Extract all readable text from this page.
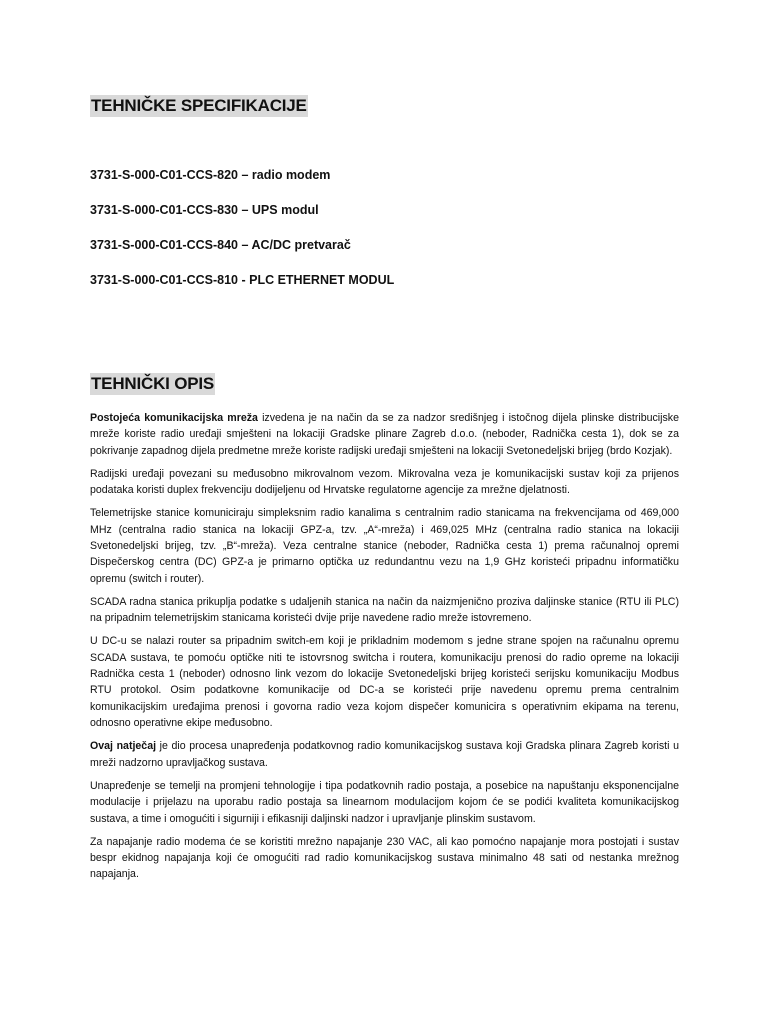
TEHNIČKE SPECIFIKACIJE
3731-S-000-C01-CCS-820 – radio modem
3731-S-000-C01-CCS-830 – UPS modul
3731-S-000-C01-CCS-840 – AC/DC pretvarač
3731-S-000-C01-CCS-810 - PLC ETHERNET MODUL
TEHNIČKI OPIS

Postojeća komunikacijska mreža izvedena je na način da se za nadzor središnjeg i istočnog dijela plinske distribucijske mreže koriste radio uređaji smješteni na lokaciji Gradske plinare Zagreb d.o.o. (neboder, Radnička cesta 1), dok se za pokrivanje zapadnog dijela predmetne mreže koriste radijski uređaji smješteni na lokaciji Svetonedeljski brijeg (brdo Kozjak).

Radijski uređaji povezani su međusobno mikrovalnom vezom. Mikrovalna veza je komunikacijski sustav koji za prijenos podataka koristi duplex frekvenciju dodijeljenu od Hrvatske regulatorne agencije za mrežne djelatnosti.

Telemetrijske stanice komuniciraju simpleksnim radio kanalima s centralnim radio stanicama na frekvencijama od 469,000 MHz (centralna radio stanica na lokaciji GPZ-a, tzv. „A“-mreža) i 469,025 MHz (centralna radio stanica na lokaciji Svetonedeljski brijeg, tzv. „B“-mreža). Veza centralne stanice (neboder, Radnička cesta 1) prema računalnoj opremi Dispečerskog centra (DC) GPZ-a je primarno optička uz redundantnu vezu na 1,9 GHz koristeći pripadnu informatičku opremu (switch i router).

SCADA radna stanica prikuplja podatke s udaljenih stanica na način da naizmjenično proziva daljinske stanice (RTU ili PLC) na pripadnim telemetrijskim stanicama koristeći dvije prije navedene radio mreže istovremeno.

U DC-u se nalazi router sa pripadnim switch-em koji je prikladnim modemom s jedne strane spojen na računalnu opremu SCADA sustava, te pomoću optičke niti te istovrsnog switcha i routera, komunikaciju prenosi do radio opreme na lokaciji Radnička cesta 1 (neboder) odnosno link vezom do lokacije Svetonedeljski brijeg koristeći serijsku komunikaciju Modbus RTU protokol. Osim podatkovne komunikacije od DC-a se koristeći prije navedenu opremu prema centralnim komunikacijskim uređajima prenosi i govorna radio veza kojom dispečer komunicira s operativnim ekipama na terenu, odnosno operativne ekipe međusobno.

Ovaj natječaj je dio procesa unapređenja podatkovnog radio komunikacijskog sustava koji Gradska plinara Zagreb koristi u mreži nadzorno upravljačkog sustava.

Unapređenje se temelji na promjeni tehnologije i tipa podatkovnih radio postaja, a posebice na napuštanju eksponencijalne modulacije i prijelazu na uporabu radio postaja sa linearnom modulacijom kojom će se podići kvaliteta komunikacijskog sustava, a time i omogućiti i sigurniji i efikasniji daljinski nadzor i upravljanje plinskim sustavom.

Za napajanje radio modema će se koristiti mrežno napajanje 230 VAC, ali kao pomoćno napajanje mora postojati i sustav bespr ekidnog napajanja koji će omogućiti rad radio komunikacijskog sustava minimalno 48 sati od nestanka mrežnog napajanja.
